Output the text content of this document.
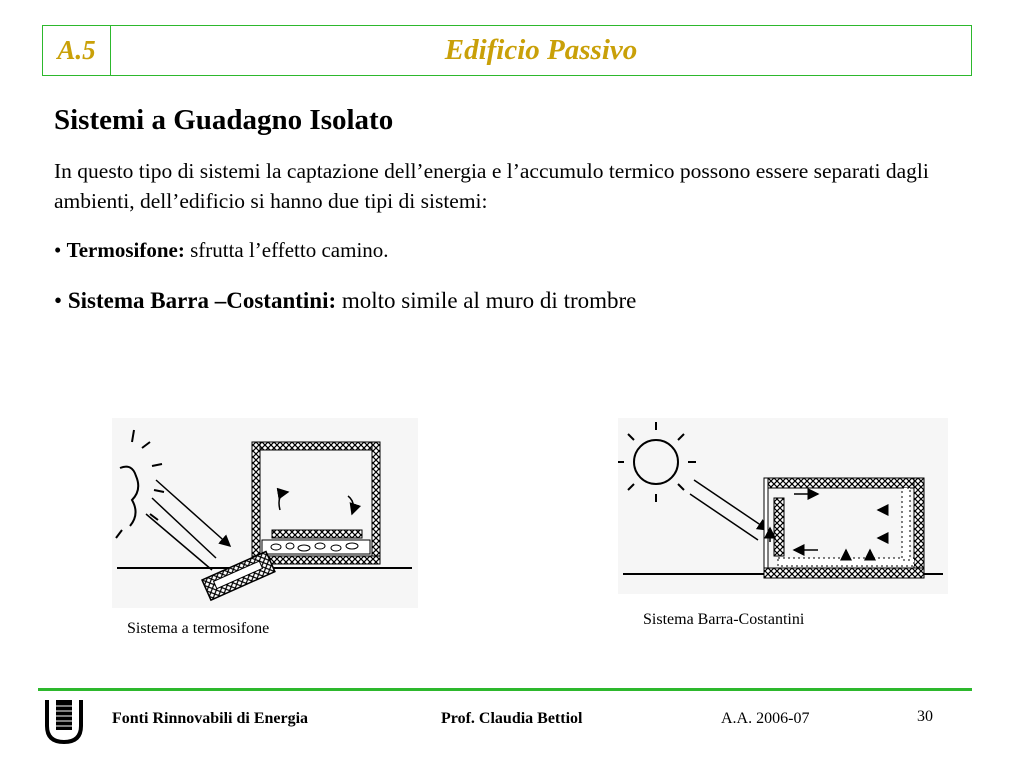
A.5	Edificio Passivo
Sistemi a Guadagno Isolato

In questo tipo di sistemi la captazione dell’energia e l’accumulo termico possono essere separati dagli ambienti, dell’edificio si hanno due tipi di sistemi:

• Termosifone: sfrutta l’effetto camino.
• Sistema Barra –Costantini: molto simile al muro di trombre
Sistema a termosifone
Sistema Barra-Costantini
Fonti Rinnovabili di Energia	Prof. Claudia Bettiol	A.A. 2006-07	30
